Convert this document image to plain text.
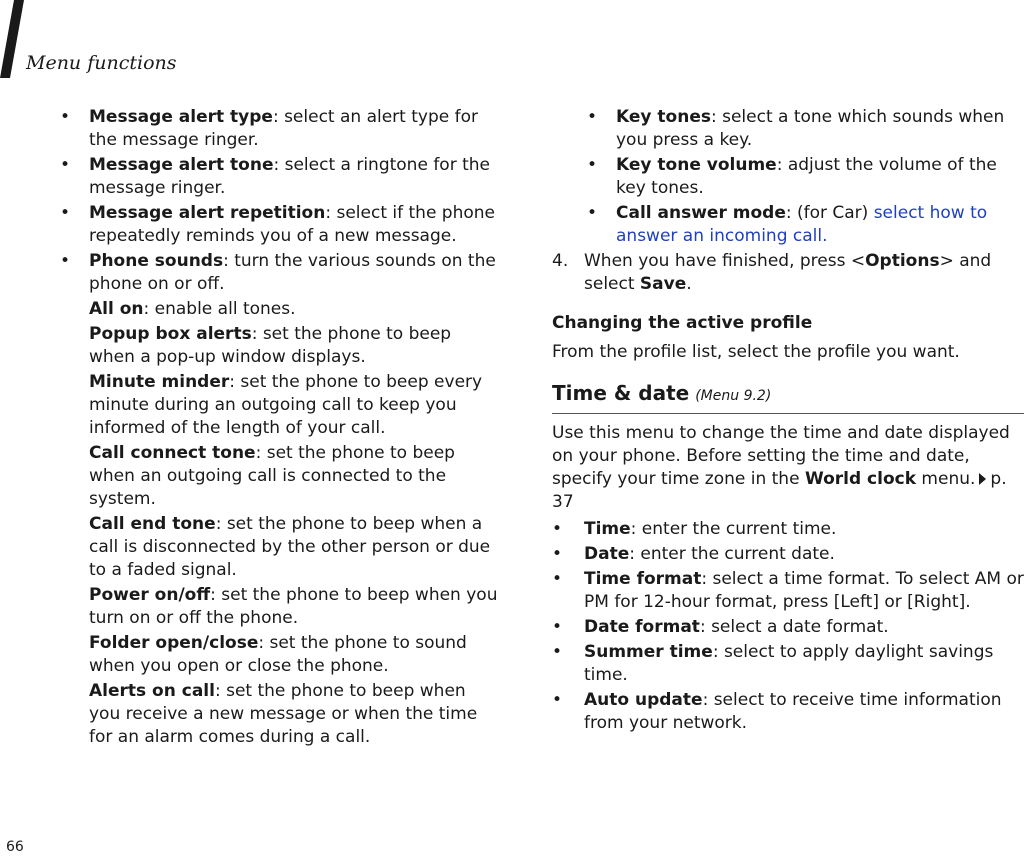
Menu functions
• Message alert type: select an alert type for the message ringer.
• Message alert tone: select a ringtone for the message ringer.
• Message alert repetition: select if the phone repeatedly reminds you of a new message.
• Phone sounds: turn the various sounds on the phone on or off.
All on: enable all tones.
Popup box alerts: set the phone to beep when a pop-up window displays.
Minute minder: set the phone to beep every minute during an outgoing call to keep you informed of the length of your call.
Call connect tone: set the phone to beep when an outgoing call is connected to the system.
Call end tone: set the phone to beep when a call is disconnected by the other person or due to a faded signal.
Power on/off: set the phone to beep when you turn on or off the phone.
Folder open/close: set the phone to sound when you open or close the phone.
Alerts on call: set the phone to beep when you receive a new message or when the time for an alarm comes during a call.
• Key tones: select a tone which sounds when you press a key.
• Key tone volume: adjust the volume of the key tones.
• Call answer mode: (for Car) select how to answer an incoming call.
4. When you have finished, press <Options> and select Save.
Changing the active profile
From the profile list, select the profile you want.
Time & date (Menu 9.2)
Use this menu to change the time and date displayed on your phone. Before setting the time and date, specify your time zone in the World clock menu. p. 37
• Time: enter the current time.
• Date: enter the current date.
• Time format: select a time format. To select AM or PM for 12-hour format, press [Left] or [Right].
• Date format: select a date format.
• Summer time: select to apply daylight savings time.
• Auto update: select to receive time information from your network.
66
